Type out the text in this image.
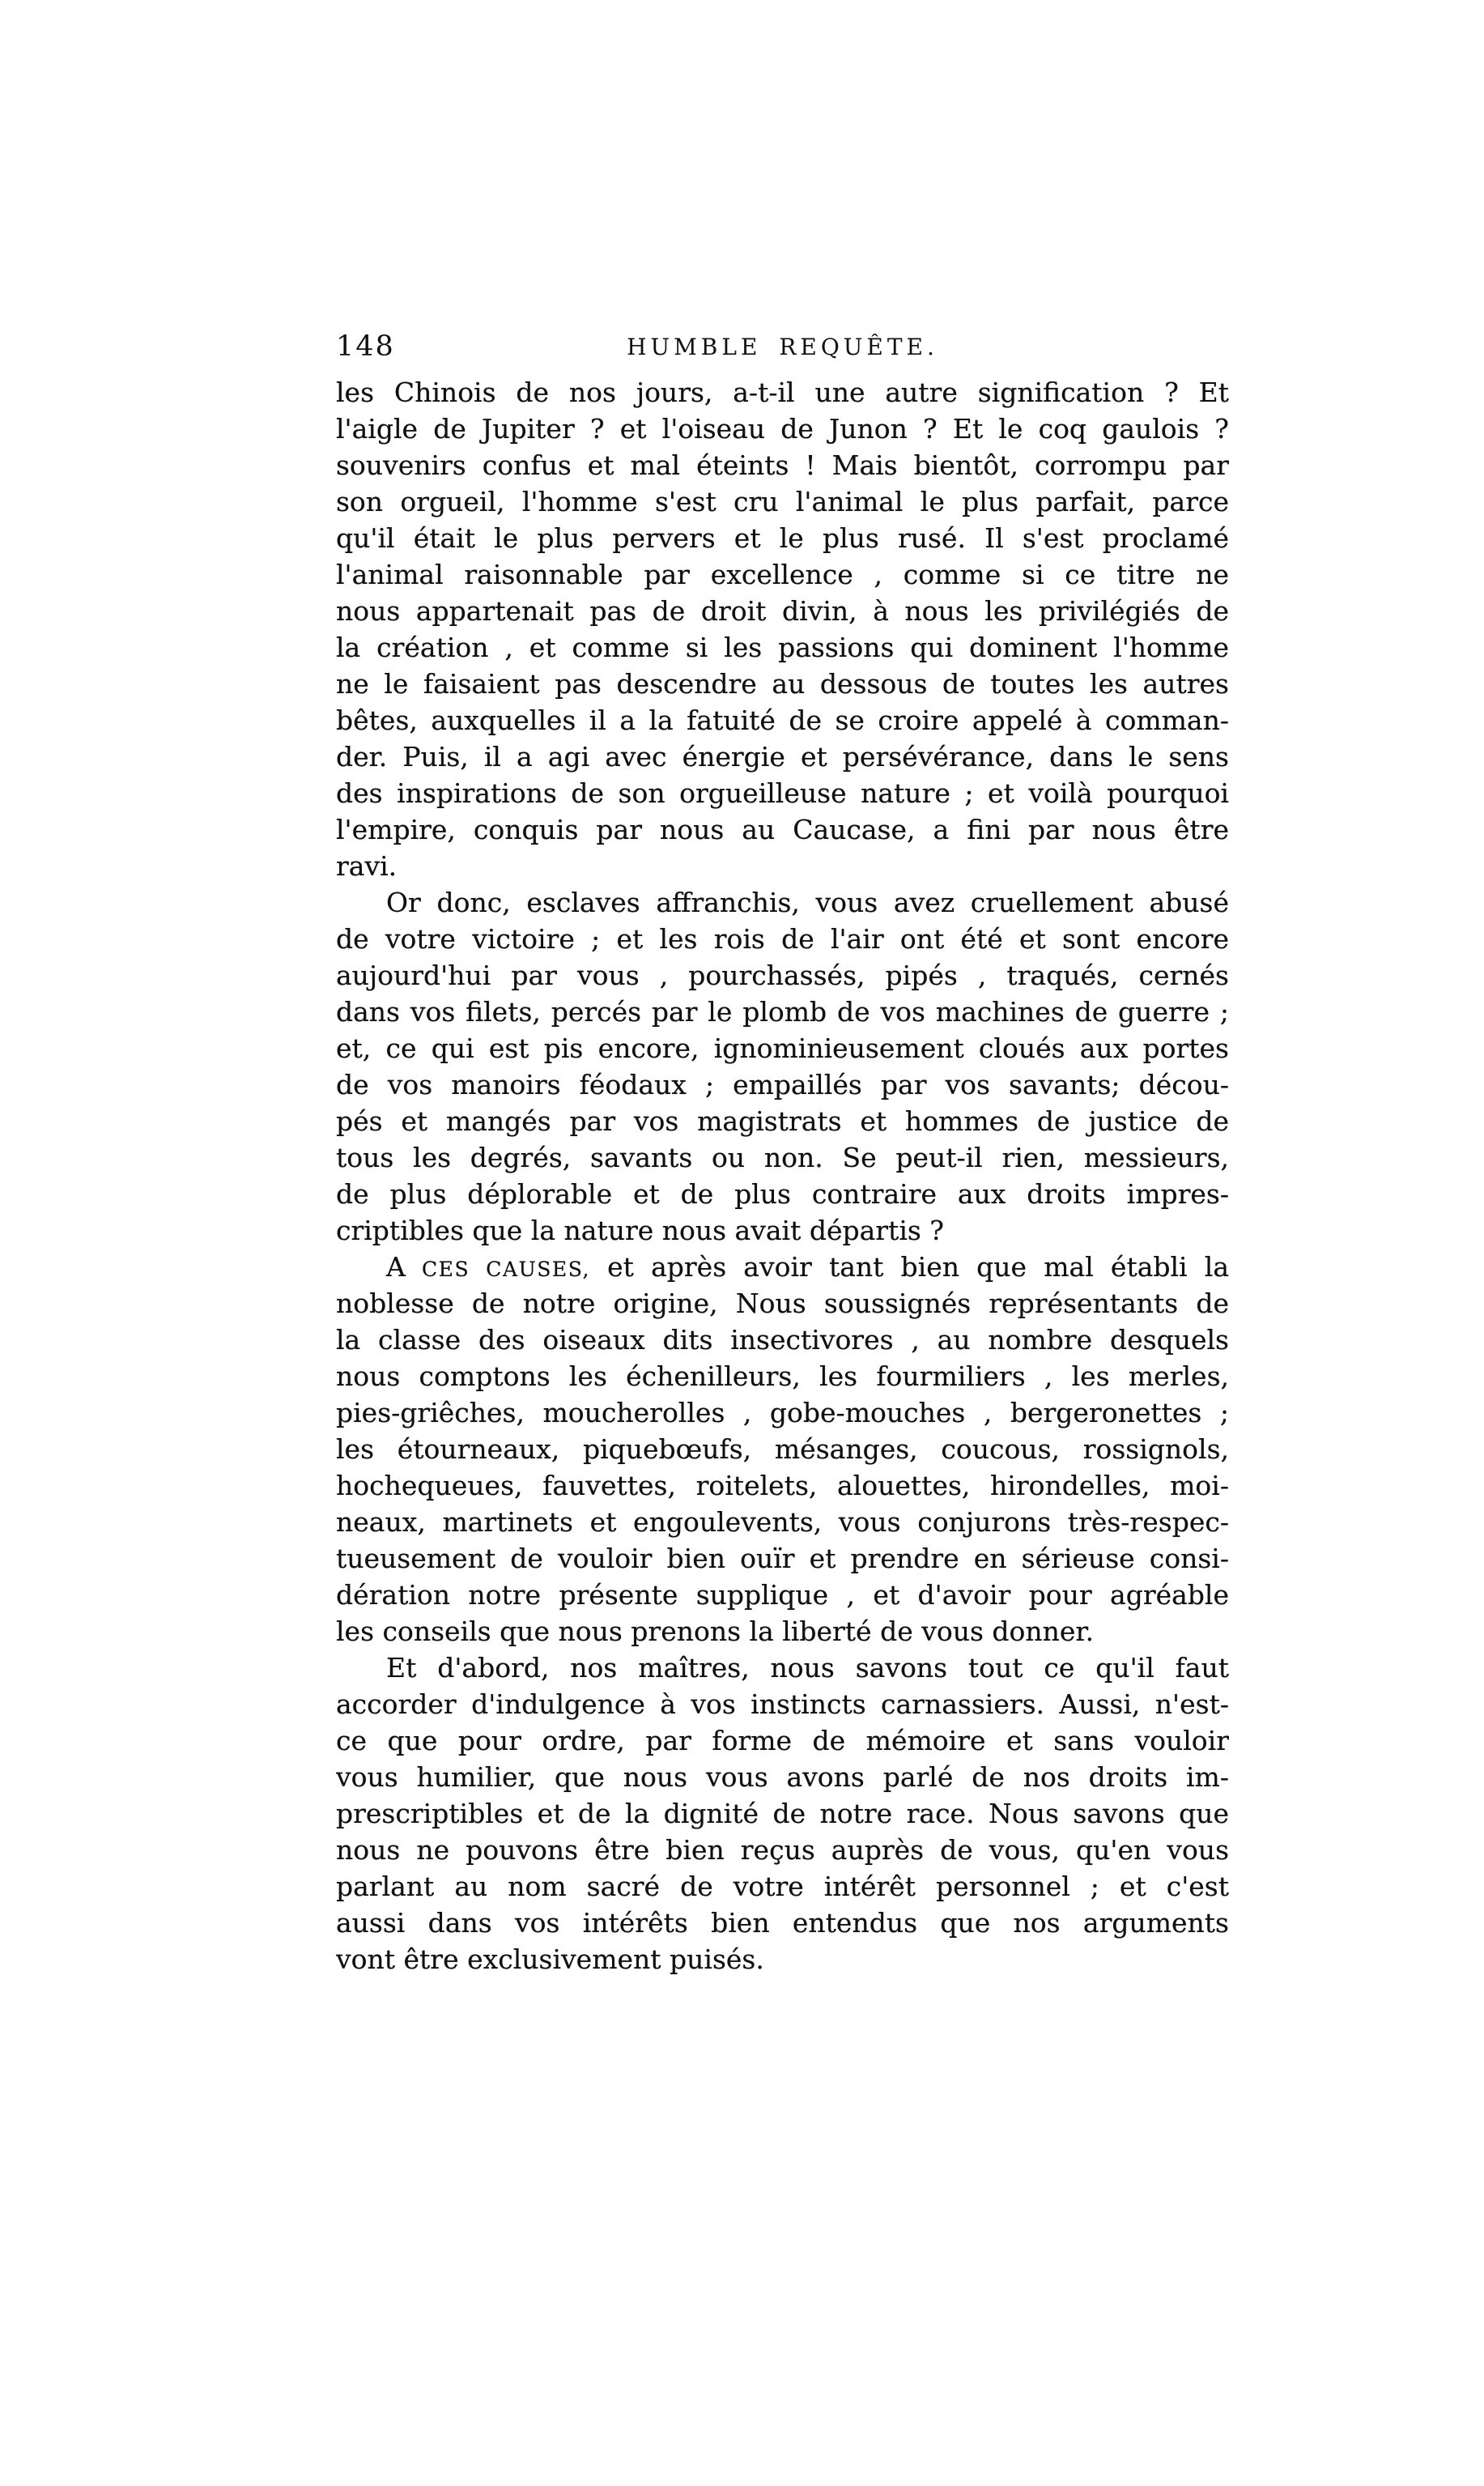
148	HUMBLE REQUÊTE.
les Chinois de nos jours, a-t-il une autre signification ? Et
l'aigle de Jupiter ? et l'oiseau de Junon ? Et le coq gaulois ?
souvenirs confus et mal éteints ! Mais bientôt, corrompu par
son orgueil, l'homme s'est cru l'animal le plus parfait, parce
qu'il était le plus pervers et le plus rusé. Il s'est proclamé
l'animal raisonnable par excellence , comme si ce titre ne
nous appartenait pas de droit divin, à nous les privilégiés de
la création , et comme si les passions qui dominent l'homme
ne le faisaient pas descendre au dessous de toutes les autres
bêtes, auxquelles il a la fatuité de se croire appelé à comman-
der. Puis, il a agi avec énergie et persévérance, dans le sens
des inspirations de son orgueilleuse nature ; et voilà pourquoi
l'empire, conquis par nous au Caucase, a fini par nous être
ravi.
Or donc, esclaves affranchis, vous avez cruellement abusé
de votre victoire ; et les rois de l'air ont été et sont encore
aujourd'hui par vous , pourchassés, pipés , traqués, cernés
dans vos filets, percés par le plomb de vos machines de guerre ;
et, ce qui est pis encore, ignominieusement cloués aux portes
de vos manoirs féodaux ; empaillés par vos savants; décou-
pés et mangés par vos magistrats et hommes de justice de
tous les degrés, savants ou non. Se peut-il rien, messieurs,
de plus déplorable et de plus contraire aux droits impres-
criptibles que la nature nous avait départis ?
A CES CAUSES, et après avoir tant bien que mal établi la
noblesse de notre origine, Nous soussignés représentants de
la classe des oiseaux dits insectivores , au nombre desquels
nous comptons les échenilleurs, les fourmiliers , les merles,
pies-griêches, moucherolles , gobe-mouches , bergeronettes ;
les étourneaux, piquebœufs, mésanges, coucous, rossignols,
hochequeues, fauvettes, roitelets, alouettes, hirondelles, moi-
neaux, martinets et engoulevents, vous conjurons très-respec-
tueusement de vouloir bien ouïr et prendre en sérieuse consi-
dération notre présente supplique , et d'avoir pour agréable
les conseils que nous prenons la liberté de vous donner.
Et d'abord, nos maîtres, nous savons tout ce qu'il faut
accorder d'indulgence à vos instincts carnassiers. Aussi, n'est-
ce que pour ordre, par forme de mémoire et sans vouloir
vous humilier, que nous vous avons parlé de nos droits im-
prescriptibles et de la dignité de notre race. Nous savons que
nous ne pouvons être bien reçus auprès de vous, qu'en vous
parlant au nom sacré de votre intérêt personnel ; et c'est
aussi dans vos intérêts bien entendus que nos arguments
vont être exclusivement puisés.
